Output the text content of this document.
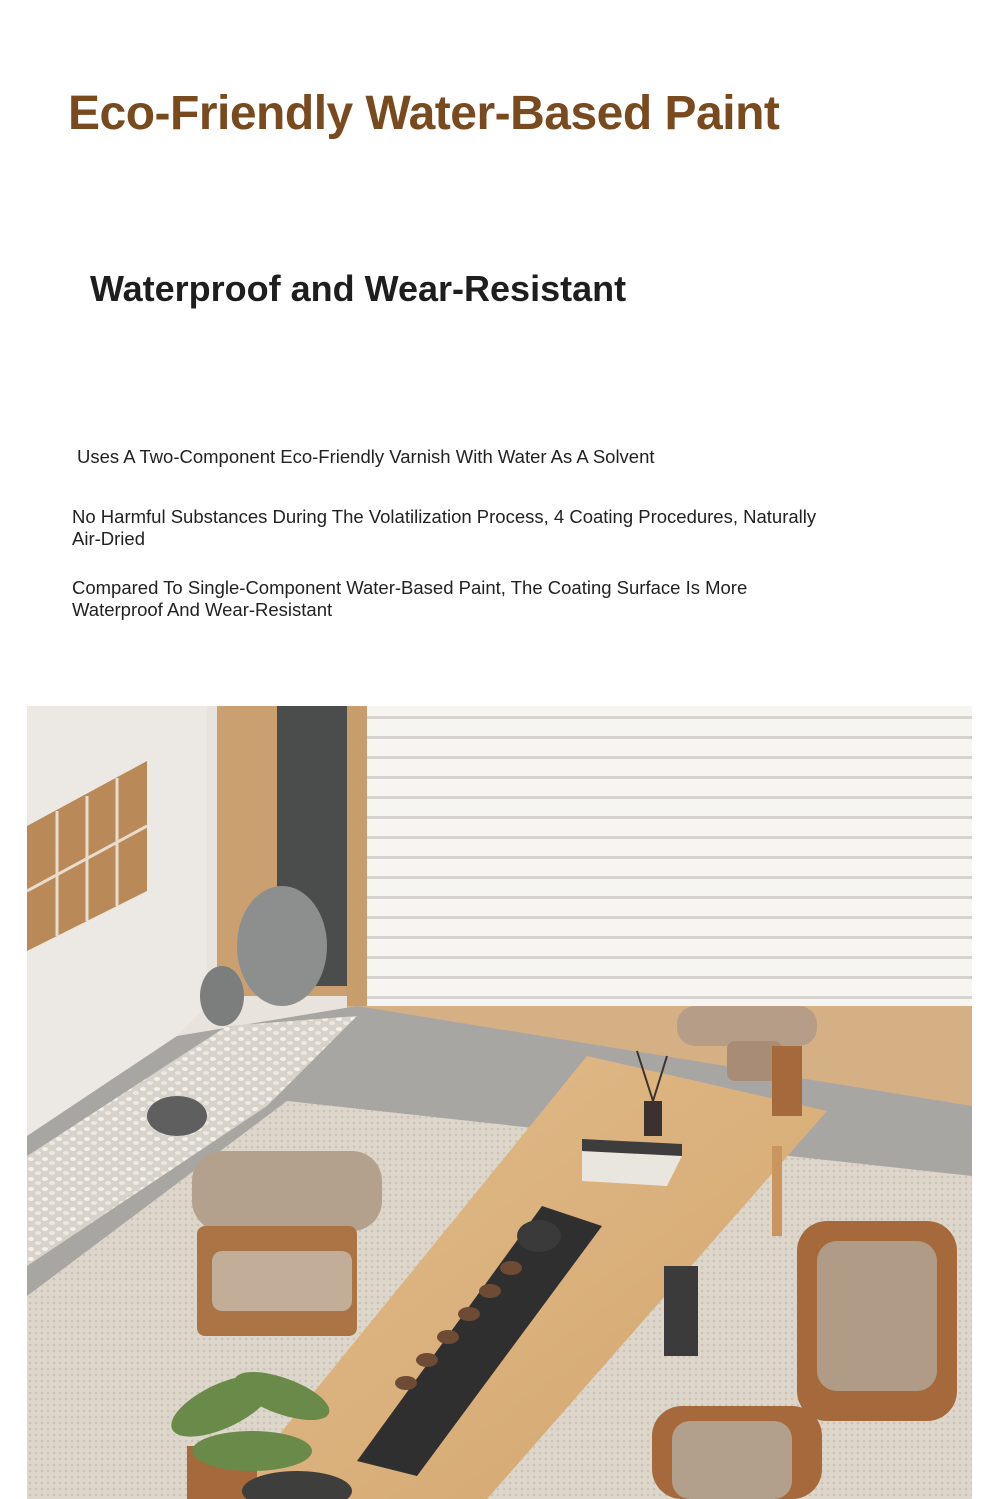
Eco-Friendly Water-Based Paint
Waterproof and Wear-Resistant
Uses A Two-Component Eco-Friendly Varnish With Water As A Solvent
No Harmful Substances During The Volatilization Process, 4 Coating Procedures, Naturally Air-Dried
Compared To Single-Component Water-Based Paint, The Coating Surface Is More Waterproof And Wear-Resistant
